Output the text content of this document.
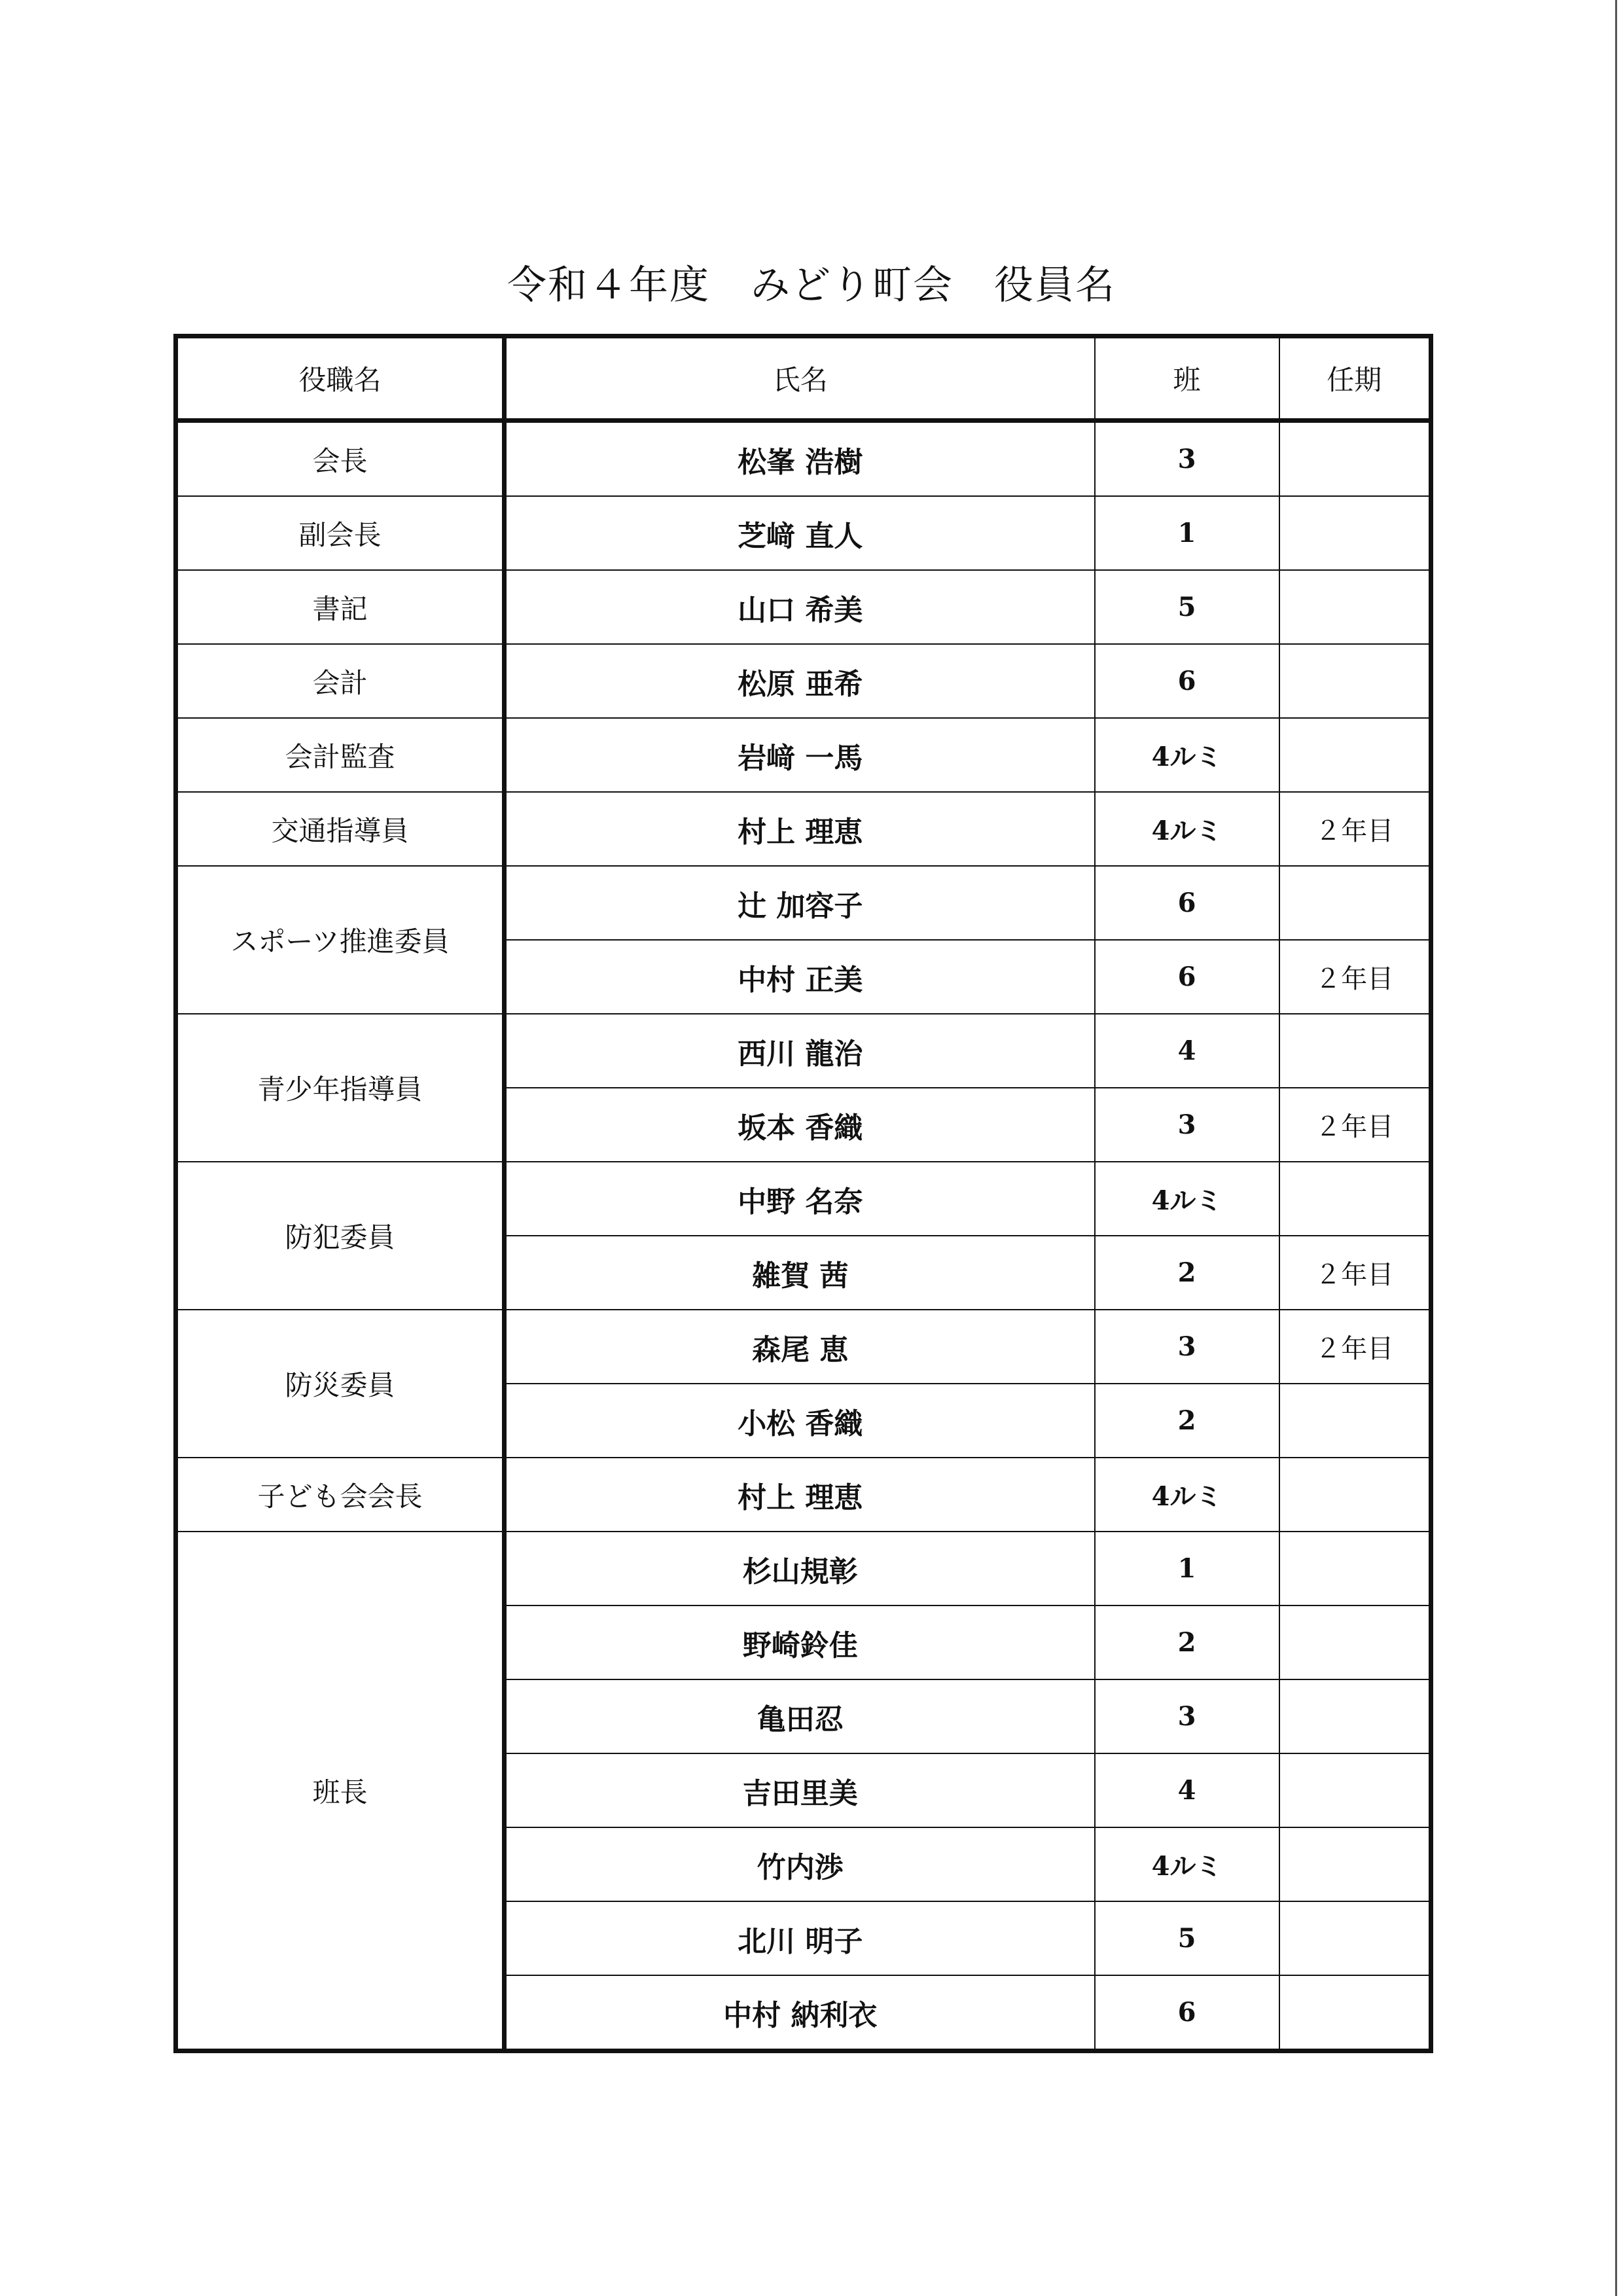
令和４年度　みどり町会　役員名
役職名	氏名	班	任期
会長	松峯 浩樹	3	
副会長	芝﨑 直人	1	
書記	山口 希美	5	
会計	松原 亜希	6	
会計監査	岩﨑 一馬	4ルミ	
交通指導員	村上 理恵	4ルミ	２年目
スポーツ推進委員	辻 加容子	6	
	中村 正美	6	２年目
青少年指導員	西川 龍治	4	
	坂本 香織	3	２年目
防犯委員	中野 名奈	4ルミ	
	雑賀 茜	2	２年目
防災委員	森尾 恵	3	２年目
	小松 香織	2	
子ども会会長	村上 理恵	4ルミ	
班長	杉山規彰	1	
	野崎鈴佳	2	
	亀田忍	3	
	吉田里美	4	
	竹内渉	4ルミ	
	北川 明子	5	
	中村 納利衣	6	
